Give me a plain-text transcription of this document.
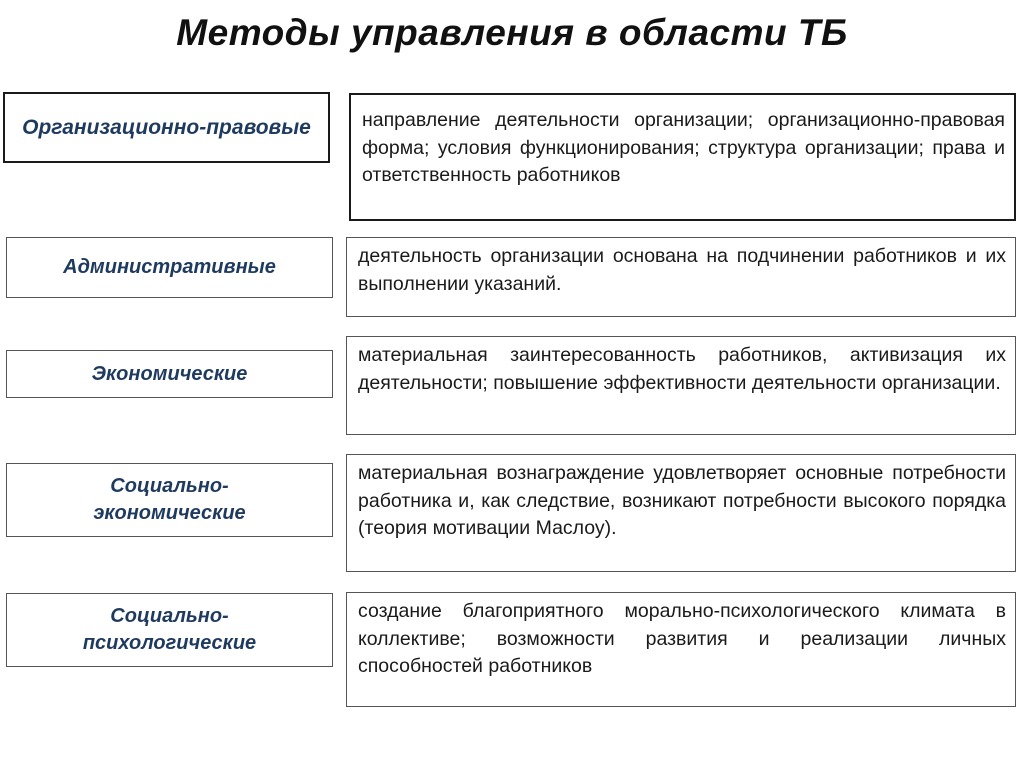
Методы управления в области ТБ
Организационно-правовые	направление деятельности организации; организационно-правовая форма; условия функционирования; структура организации; права и ответственность работников
Административные	деятельность организации основана на подчинении работников и их выполнении указаний.
Экономические
материальная заинтересованность работников, активизация их деятельности; повышение эффективности деятельности организации.
Социально-экономические
материальная вознаграждение удовлетворяет основные потребности работника и, как следствие, возникают потребности высокого порядка (теория мотивации Маслоу).
Социально-психологические
создание благоприятного морально-психологического климата в коллективе; возможности развития и реализации личных способностей работников
